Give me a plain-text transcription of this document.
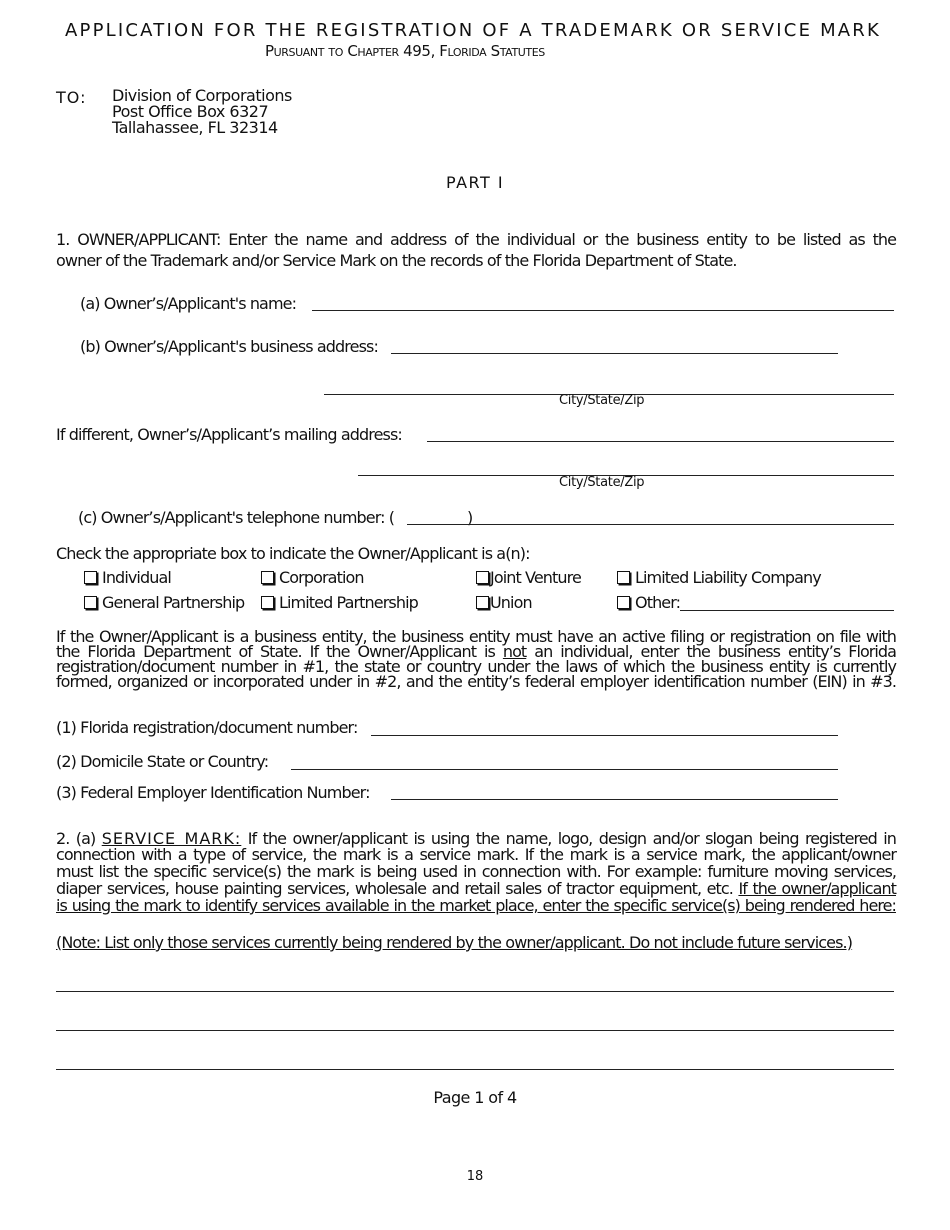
APPLICATION FOR THE REGISTRATION OF A TRADEMARK OR SERVICE MARK
Pursuant to Chapter 495, Florida Statutes
TO: Division of Corporations
Post Office Box 6327
Tallahassee, FL 32314
PART I
1. OWNER/APPLICANT: Enter the name and address of the individual or the business entity to be listed as the
owner of the Trademark and/or Service Mark on the records of the Florida Department of State.
(a) Owner’s/Applicant's name:
(b) Owner’s/Applicant's business address:
City/State/Zip
If different, Owner’s/Applicant’s mailing address:
City/State/Zip
(c) Owner’s/Applicant's telephone number: (	)
Check the appropriate box to indicate the Owner/Applicant is a(n):
Individual	Corporation	Joint Venture	Limited Liability Company
General Partnership	Limited Partnership	Union	Other:
If the Owner/Applicant is a business entity, the business entity must have an active filing or registration on file with
the Florida Department of State. If the Owner/Applicant is not an individual, enter the business entity’s Florida
registration/document number in #1, the state or country under the laws of which the business entity is currently
formed, organized or incorporated under in #2, and the entity’s federal employer identification number (EIN) in #3.
(1) Florida registration/document number:
(2) Domicile State or Country:
(3) Federal Employer Identification Number:
2. (a) SERVICE MARK: If the owner/applicant is using the name, logo, design and/or slogan being registered in
connection with a type of service, the mark is a service mark. If the mark is a service mark, the applicant/owner
must list the specific service(s) the mark is being used in connection with. For example: furniture moving services,
diaper services, house painting services, wholesale and retail sales of tractor equipment, etc. If the owner/applicant
is using the mark to identify services available in the market place, enter the specific service(s) being rendered here:
(Note: List only those services currently being rendered by the owner/applicant. Do not include future services.)
Page 1 of 4
18
